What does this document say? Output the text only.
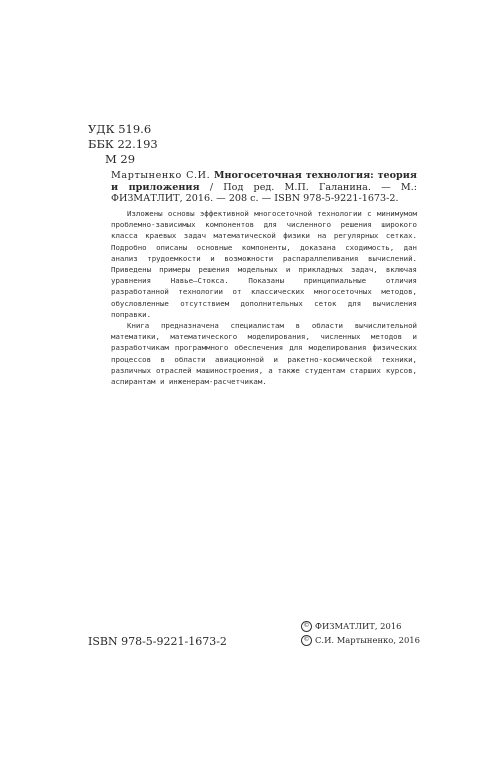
УДК 519.6
ББК 22.193
М 29
Мартыненко С.И. Многосеточная технология: теория и приложения / Под ред. М.П. Галанина. — М.: ФИЗМАТЛИТ, 2016. — 208 с. — ISBN 978-5-9221-1673-2.

Изложены основы эффективной многосеточной технологии с минимумом проблемно-зависимых компонентов для численного решения широкого класса краевых задач математической физики на регулярных сетках. Подробно описаны основные компоненты, доказана сходимость, дан анализ трудоемкости и возможности распараллеливания вычислений. Приведены примеры решения модельных и прикладных задач, включая уравнения Навье–Стокса. Показаны принципиальные отличия разработанной технологии от классических многосеточных методов, обусловленные отсутствием дополнительных сеток для вычисления поправки.

Книга предназначена специалистам в области вычислительной математики, математического моделирования, численных методов и разработчикам программного обеспечения для моделирования физических процессов в области авиационной и ракетно-космической техники, различных отраслей машиностроения, а также студентам старших курсов, аспирантам и инженерам-расчетчикам.

ISBN 978-5-9221-1673-2
© ФИЗМАТЛИТ, 2016
© С.И. Мартыненко, 2016
